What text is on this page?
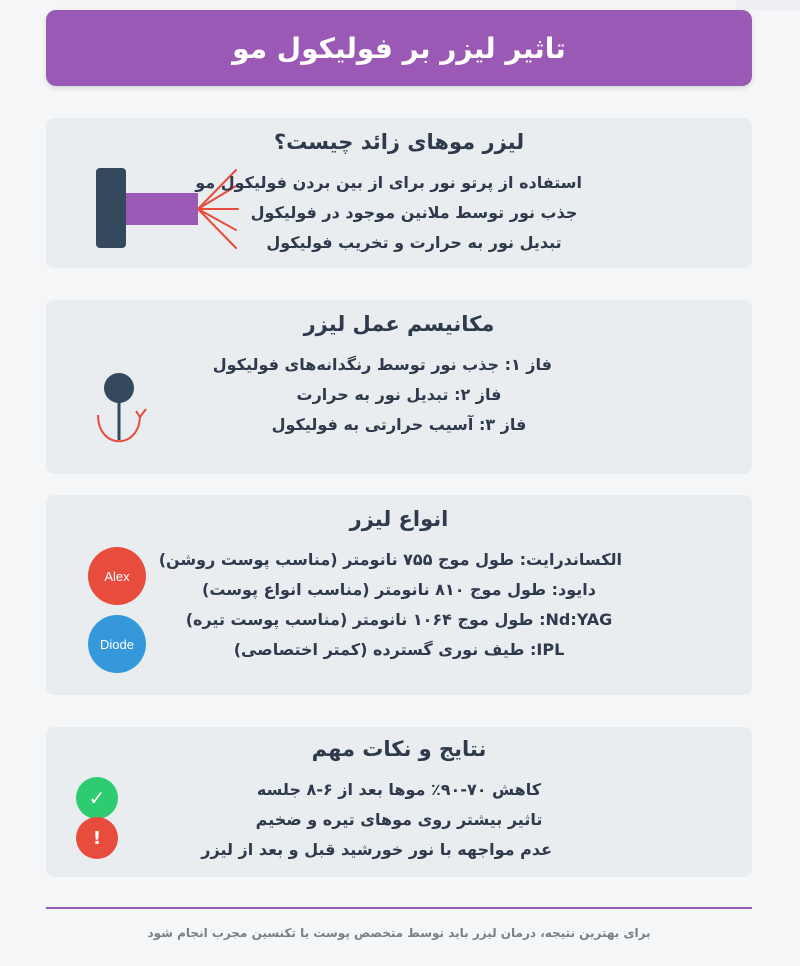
تاثیر لیزر بر فولیکول مو
لیزر موهای زائد چیست؟
استفاده از پرتو نور برای از بین بردن فولیکول مو
جذب نور توسط ملانین موجود در فولیکول
تبدیل نور به حرارت و تخریب فولیکول
مکانیسم عمل لیزر
فاز ۱: جذب نور توسط رنگدانه‌های فولیکول
فاز ۲: تبدیل نور به حرارت
فاز ۳: آسیب حرارتی به فولیکول
انواع لیزر
Alex
Diode
الکساندرایت: طول موج ۷۵۵ نانومتر (مناسب پوست روشن)
دایود: طول موج ۸۱۰ نانومتر (مناسب انواع پوست)
Nd:YAG: طول موج ۱۰۶۴ نانومتر (مناسب پوست تیره)
IPL: طیف نوری گسترده (کمتر اختصاصی)
نتایج و نکات مهم
✓
!
کاهش ۷۰-۹۰٪ موها بعد از ۶-۸ جلسه
تاثیر بیشتر روی موهای تیره و ضخیم
عدم مواجهه با نور خورشید قبل و بعد از لیزر
برای بهترین نتیجه، درمان لیزر باید توسط متخصص پوست یا تکنسین مجرب انجام شود
